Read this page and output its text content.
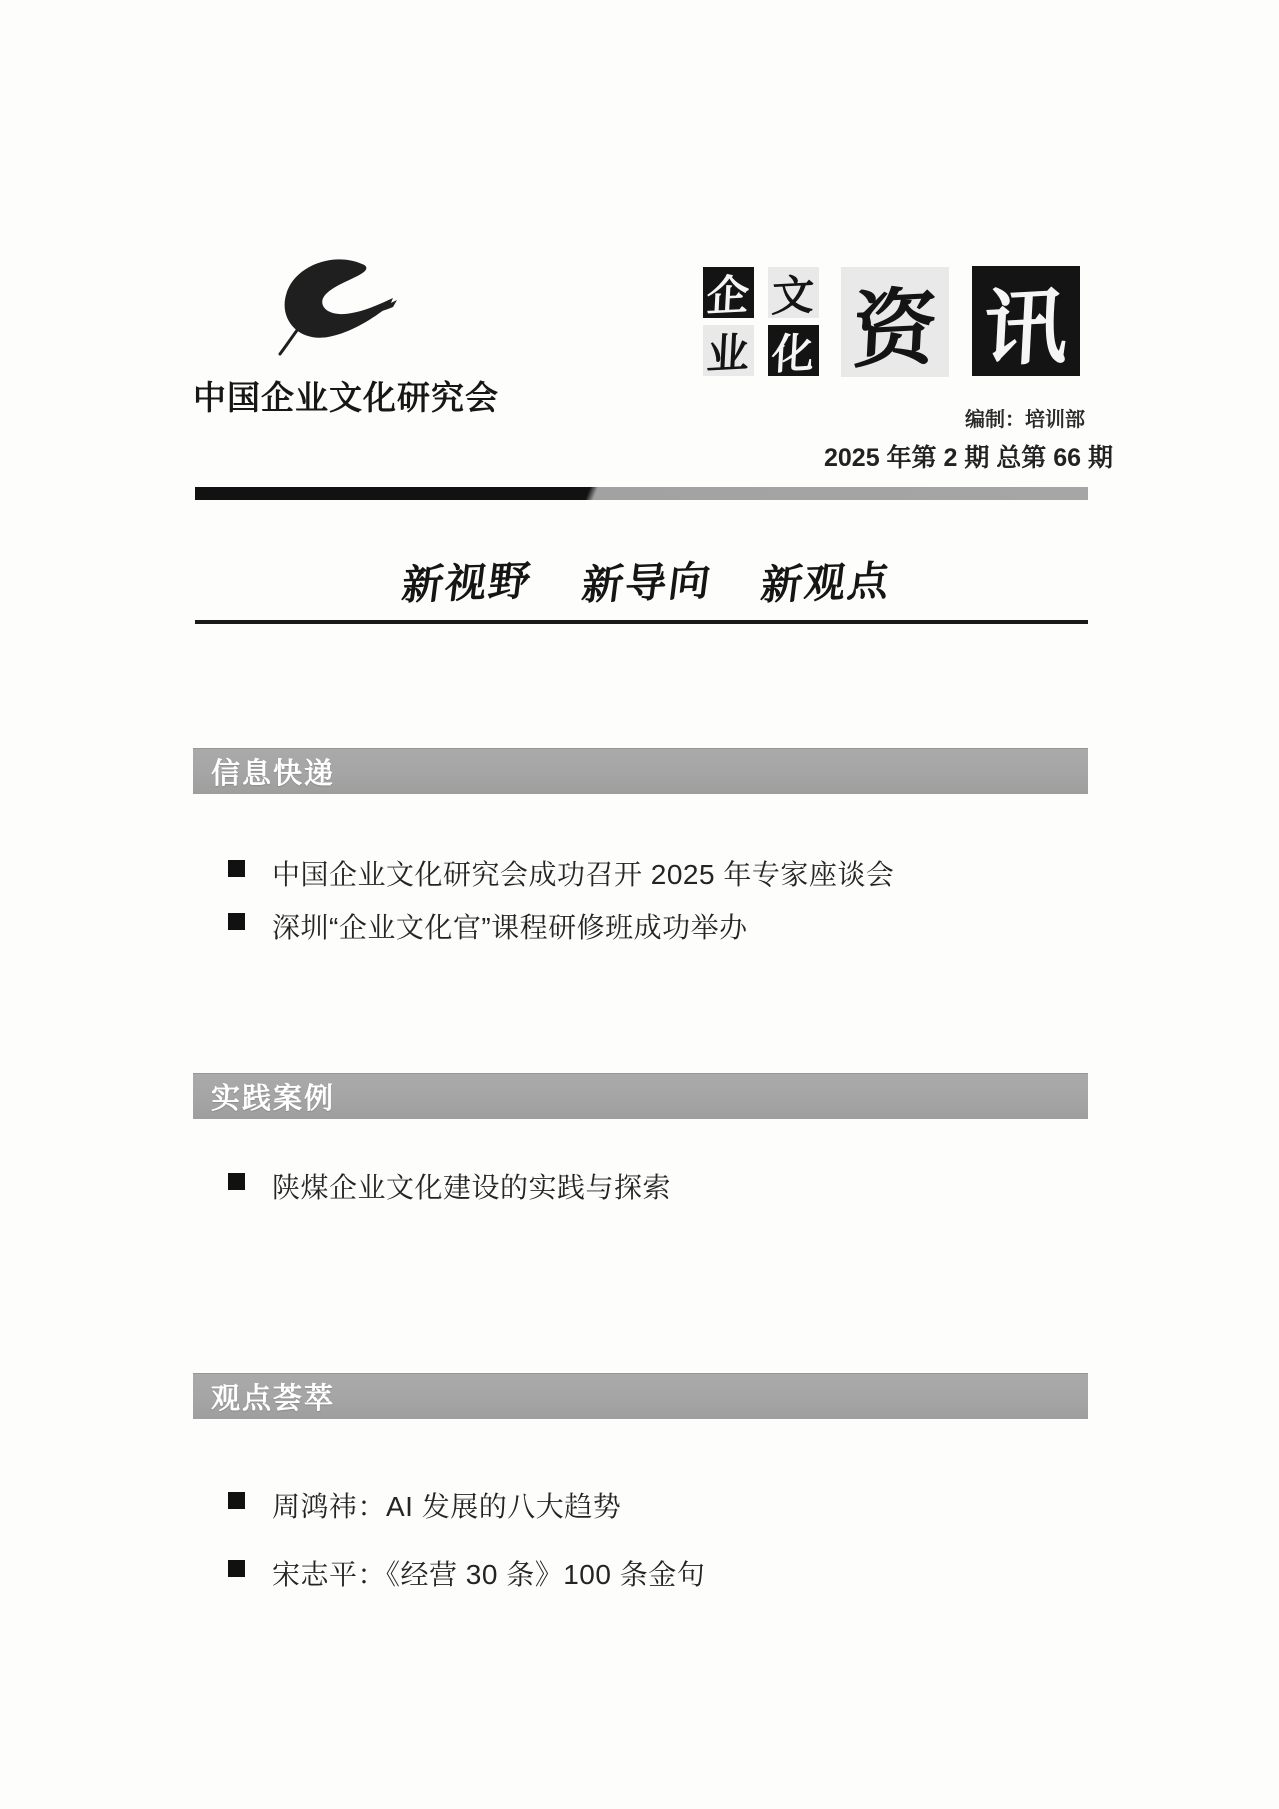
中国企业文化研究会
企 文
业 化 资 讯
编制：培训部
2025 年第 2 期 总第 66 期
新视野 新导向 新观点
信息快递
中国企业文化研究会成功召开 2025 年专家座谈会
深圳“企业文化官”课程研修班成功举办
实践案例
陕煤企业文化建设的实践与探索
观点荟萃
周鸿祎：AI 发展的八大趋势
宋志平：《经营 30 条》100 条金句
